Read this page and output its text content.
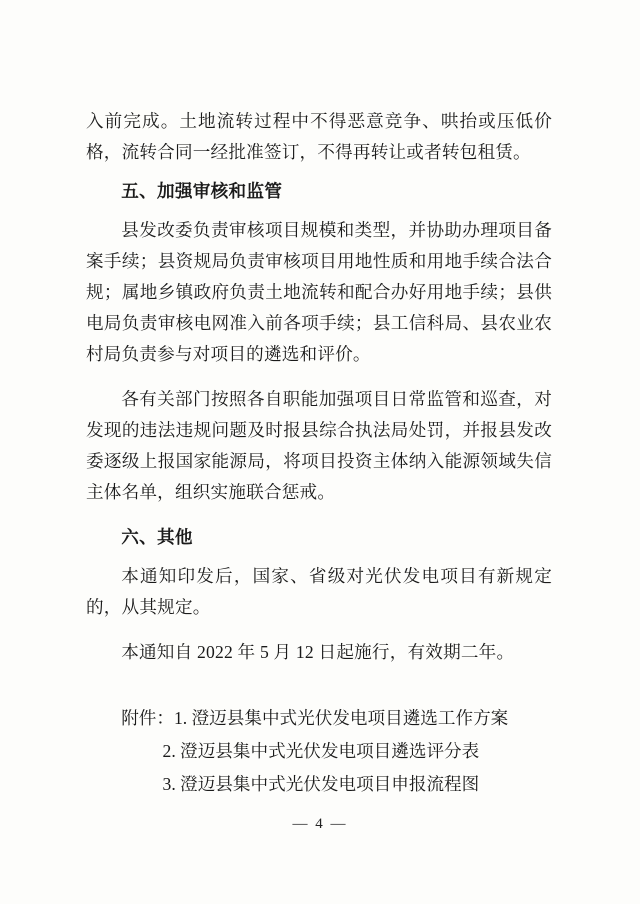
入前完成。土地流转过程中不得恶意竞争、哄抬或压低价格，流转合同一经批准签订，不得再转让或者转包租赁。

五、加强审核和监管

县发改委负责审核项目规模和类型，并协助办理项目备案手续；县资规局负责审核项目用地性质和用地手续合法合规；属地乡镇政府负责土地流转和配合办好用地手续；县供电局负责审核电网准入前各项手续；县工信科局、县农业农村局负责参与对项目的遴选和评价。

各有关部门按照各自职能加强项目日常监管和巡查，对发现的违法违规问题及时报县综合执法局处罚，并报县发改委逐级上报国家能源局，将项目投资主体纳入能源领域失信主体名单，组织实施联合惩戒。

六、其他

本通知印发后，国家、省级对光伏发电项目有新规定的，从其规定。

本通知自 2022 年 5 月 12 日起施行，有效期二年。

附件：1. 澄迈县集中式光伏发电项目遴选工作方案

2. 澄迈县集中式光伏发电项目遴选评分表

3. 澄迈县集中式光伏发电项目申报流程图

— 4 —
